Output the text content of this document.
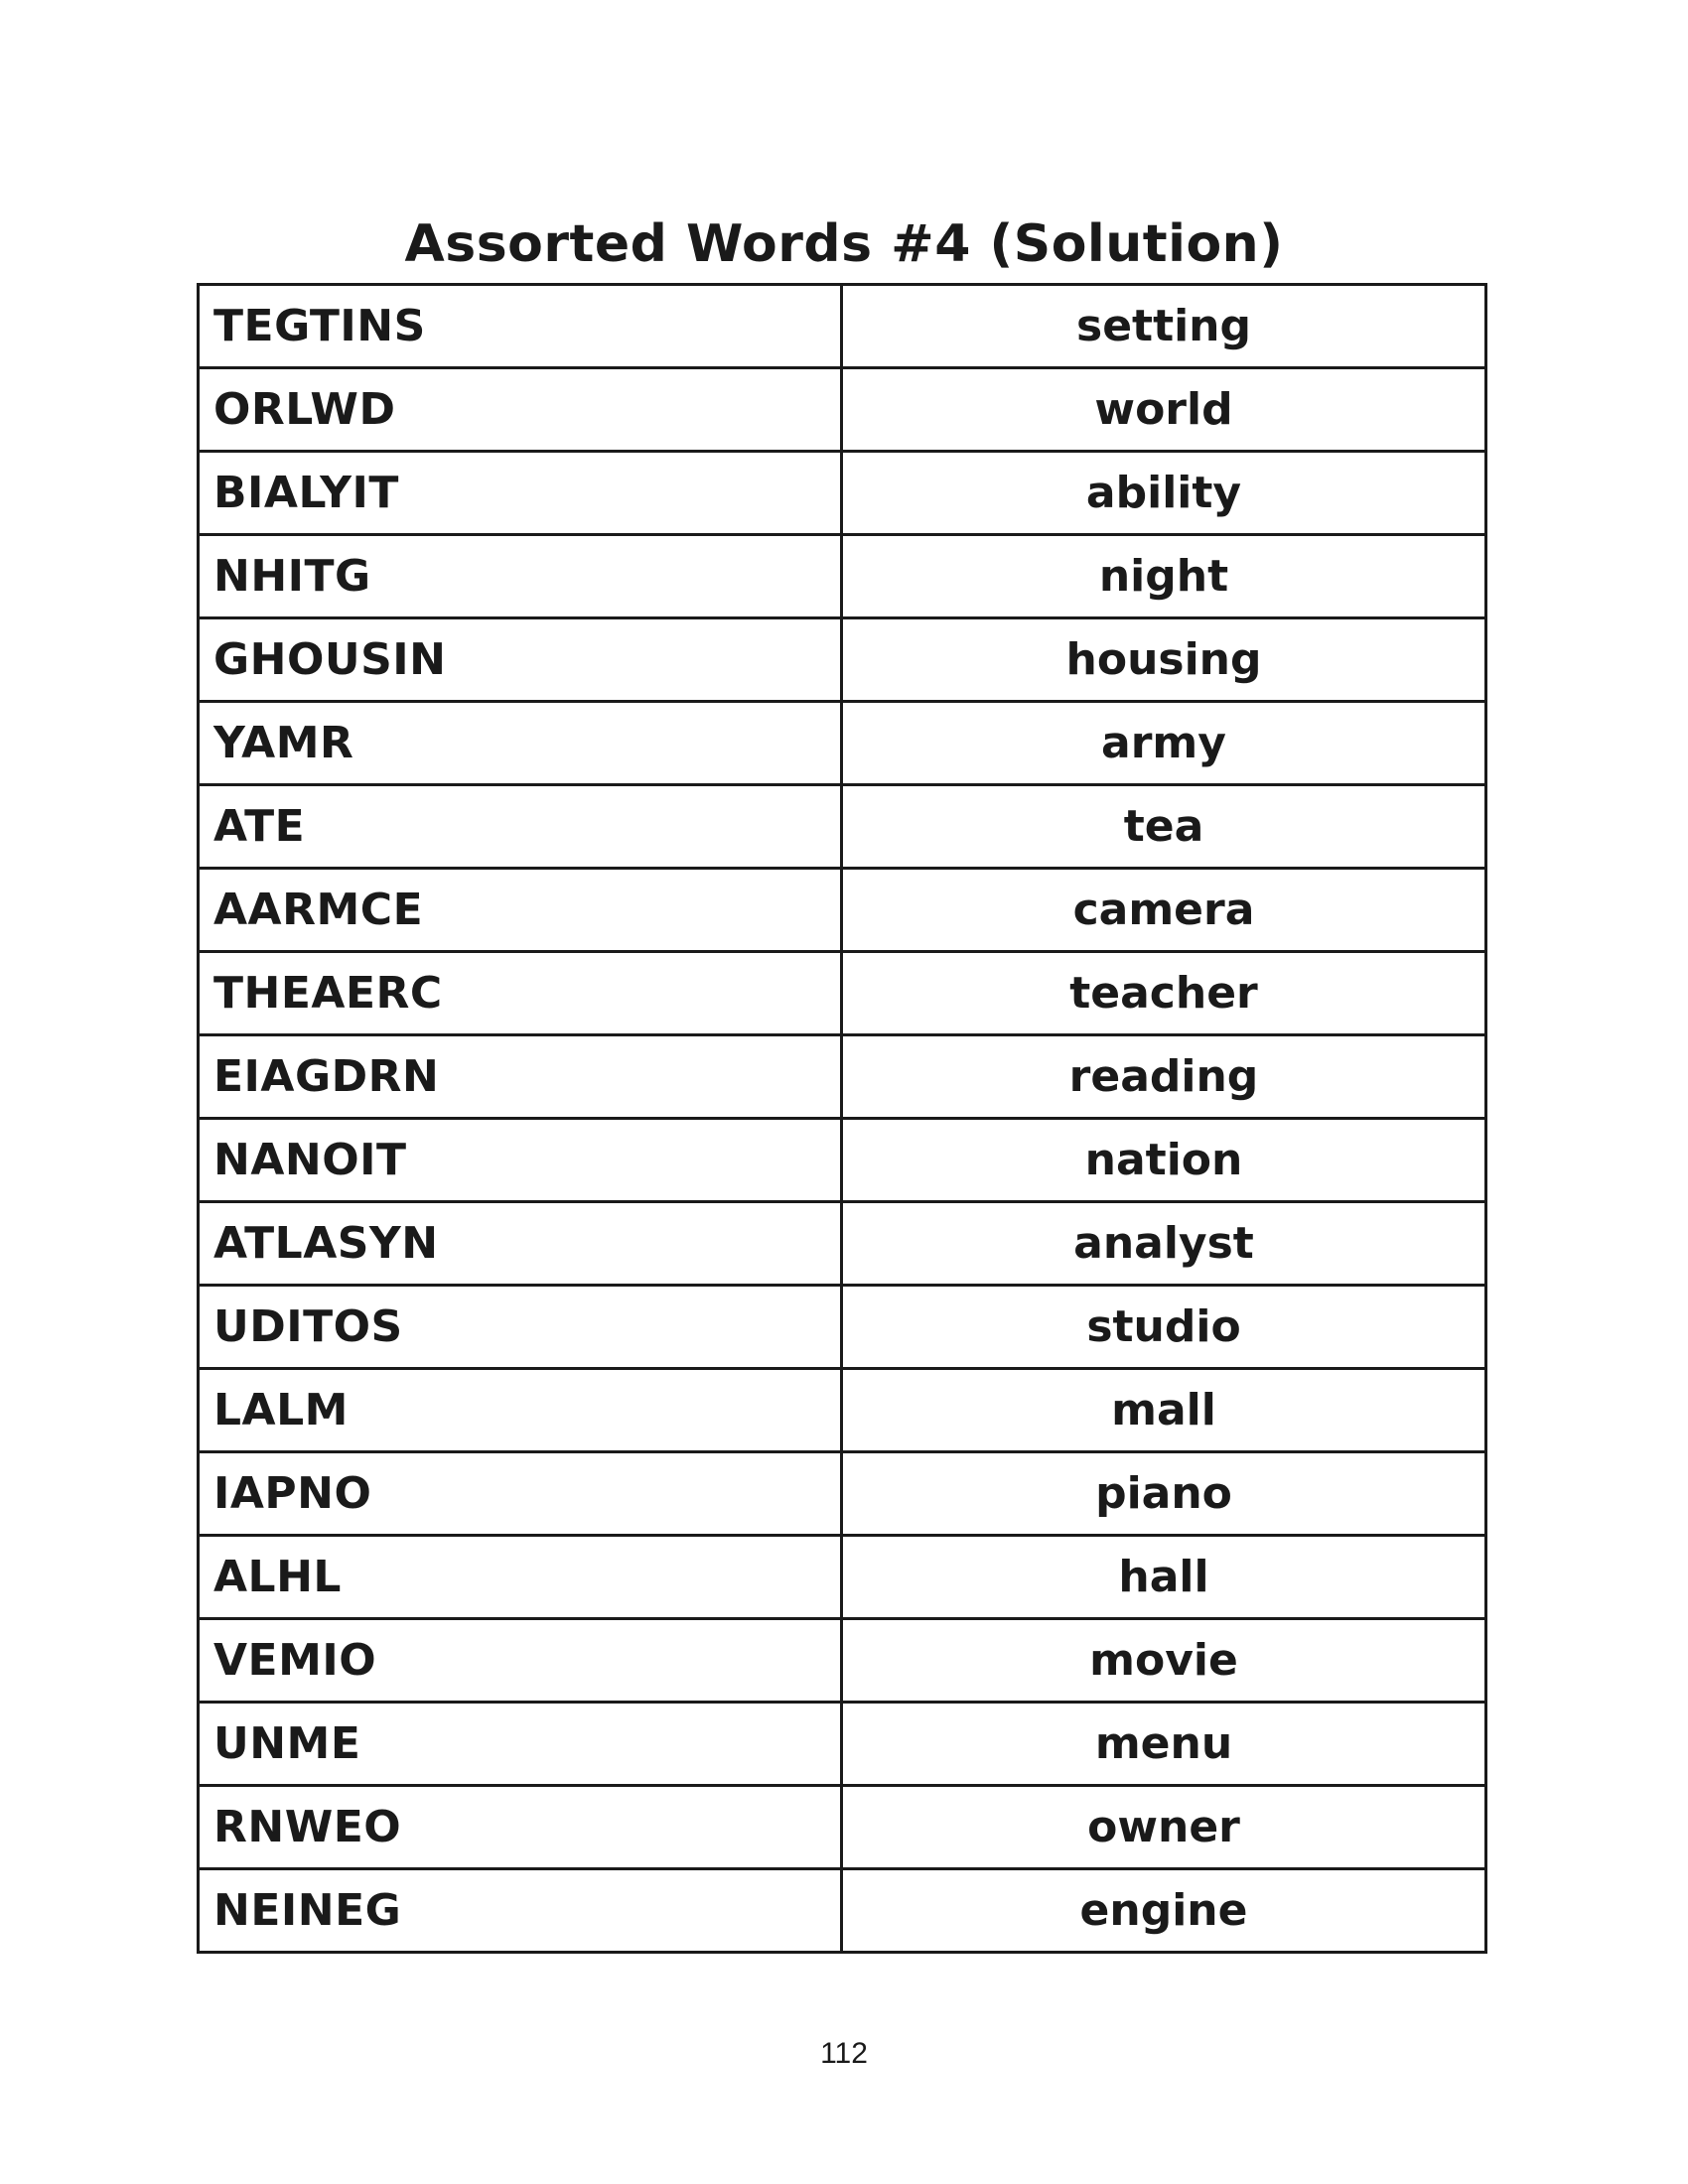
Assorted Words #4 (Solution)
TEGTINS	setting
ORLWD	world
BIALYIT	ability
NHITG	night
GHOUSIN	housing
YAMR	army
ATE	tea
AARMCE	camera
THEAERC	teacher
EIAGDRN	reading
NANOIT	nation
ATLASYN	analyst
UDITOS	studio
LALM	mall
IAPNO	piano
ALHL	hall
VEMIO	movie
UNME	menu
RNWEO	owner
NEINEG	engine
112
